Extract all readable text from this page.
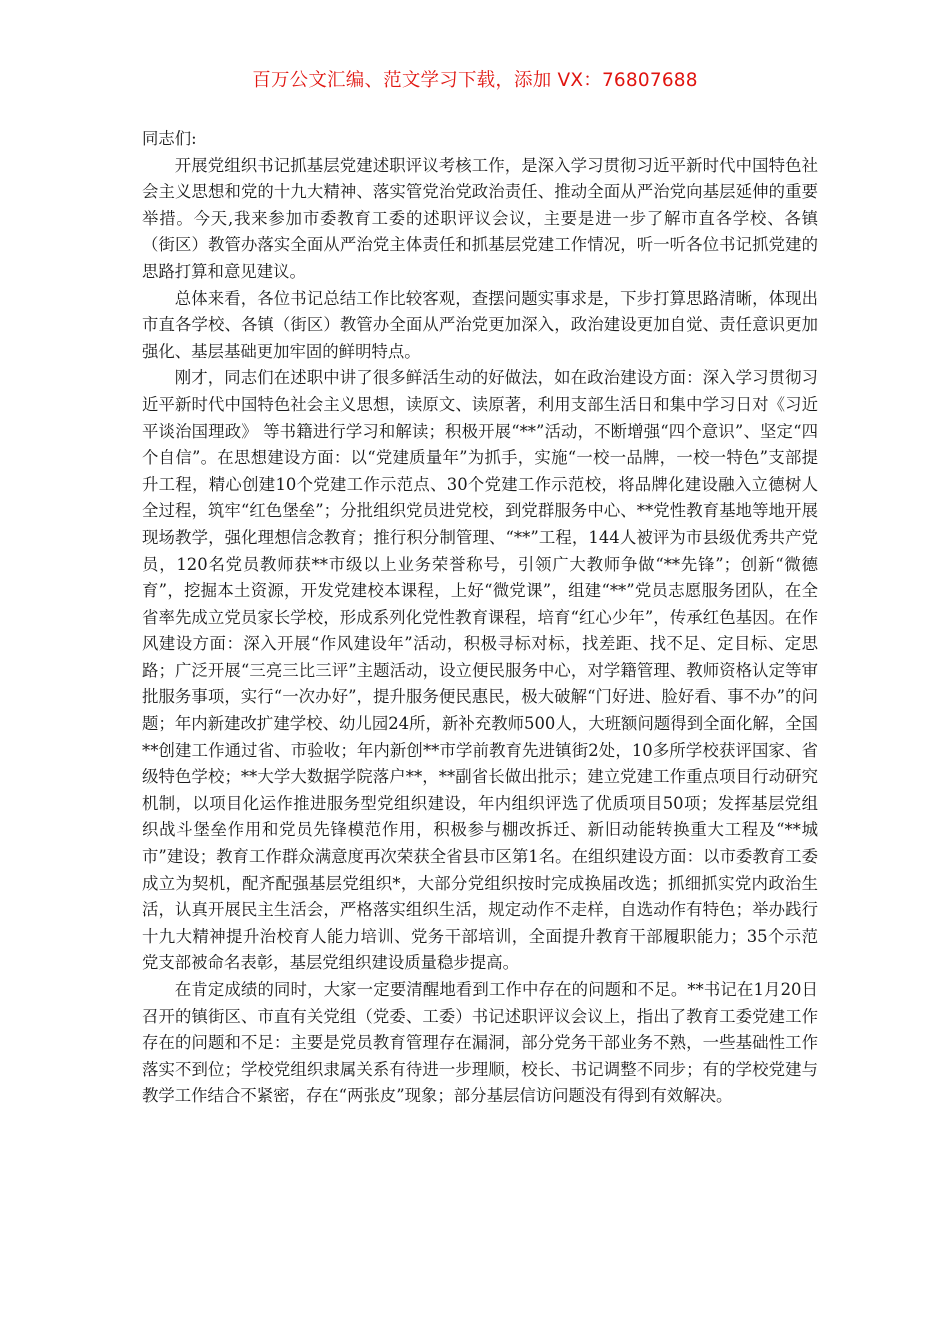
百万公文汇编、范文学习下载，添加 VX：76807688

同志们:

开展党组织书记抓基层党建述职评议考核工作，是深入学习贯彻习近平新时代中国特色社会主义思想和党的十九大精神、落实管党治党政治责任、推动全面从严治党向基层延伸的重要举措。今天,我来参加市委教育工委的述职评议会议，主要是进一步了解市直各学校、各镇（街区）教管办落实全面从严治党主体责任和抓基层党建工作情况，听一听各位书记抓党建的思路打算和意见建议。

总体来看，各位书记总结工作比较客观，查摆问题实事求是，下步打算思路清晰，体现出市直各学校、各镇（街区）教管办全面从严治党更加深入，政治建设更加自觉、责任意识更加强化、基层基础更加牢固的鲜明特点。

刚才，同志们在述职中讲了很多鲜活生动的好做法，如在政治建设方面：深入学习贯彻习近平新时代中国特色社会主义思想，读原文、读原著，利用支部生活日和集中学习日对《习近平谈治国理政》 等书籍进行学习和解读；积极开展“**”活动，不断增强“四个意识”、坚定“四个自信”。在思想建设方面：以“党建质量年”为抓手，实施“一校一品牌，一校一特色”支部提升工程，精心创建10个党建工作示范点、30个党建工作示范校，将品牌化建设融入立德树人全过程，筑牢“红色堡垒”；分批组织党员进党校，到党群服务中心、**党性教育基地等地开展现场教学，强化理想信念教育；推行积分制管理、“**”工程，144人被评为市县级优秀共产党员，120名党员教师获**市级以上业务荣誉称号，引领广大教师争做“**先锋”；创新“微德育”，挖掘本土资源，开发党建校本课程，上好“微党课”，组建“**”党员志愿服务团队，在全省率先成立党员家长学校，形成系列化党性教育课程，培育“红心少年”，传承红色基因。在作风建设方面：深入开展“作风建设年”活动，积极寻标对标，找差距、找不足、定目标、定思路；广泛开展“三亮三比三评”主题活动，设立便民服务中心，对学籍管理、教师资格认定等审批服务事项，实行“一次办好”，提升服务便民惠民，极大破解“门好进、脸好看、事不办”的问题；年内新建改扩建学校、幼儿园24所，新补充教师500人，大班额问题得到全面化解，全国**创建工作通过省、市验收；年内新创**市学前教育先进镇街2处，10多所学校获评国家、省级特色学校；**大学大数据学院落户**，**副省长做出批示；建立党建工作重点项目行动研究机制，以项目化运作推进服务型党组织建设，年内组织评选了优质项目50项；发挥基层党组织战斗堡垒作用和党员先锋模范作用，积极参与棚改拆迁、新旧动能转换重大工程及“**城市”建设；教育工作群众满意度再次荣获全省县市区第1名。在组织建设方面：以市委教育工委成立为契机，配齐配强基层党组织*，大部分党组织按时完成换届改选；抓细抓实党内政治生活，认真开展民主生活会，严格落实组织生活，规定动作不走样，自选动作有特色；举办践行十九大精神提升治校育人能力培训、党务干部培训，全面提升教育干部履职能力；35个示范党支部被命名表彰，基层党组织建设质量稳步提高。

在肯定成绩的同时，大家一定要清醒地看到工作中存在的问题和不足。**书记在1月20日召开的镇街区、市直有关党组（党委、工委）书记述职评议会议上，指出了教育工委党建工作存在的问题和不足：主要是党员教育管理存在漏洞，部分党务干部业务不熟，一些基础性工作落实不到位；学校党组织隶属关系有待进一步理顺，校长、书记调整不同步；有的学校党建与教学工作结合不紧密，存在“两张皮”现象；部分基层信访问题没有得到有效解决。
